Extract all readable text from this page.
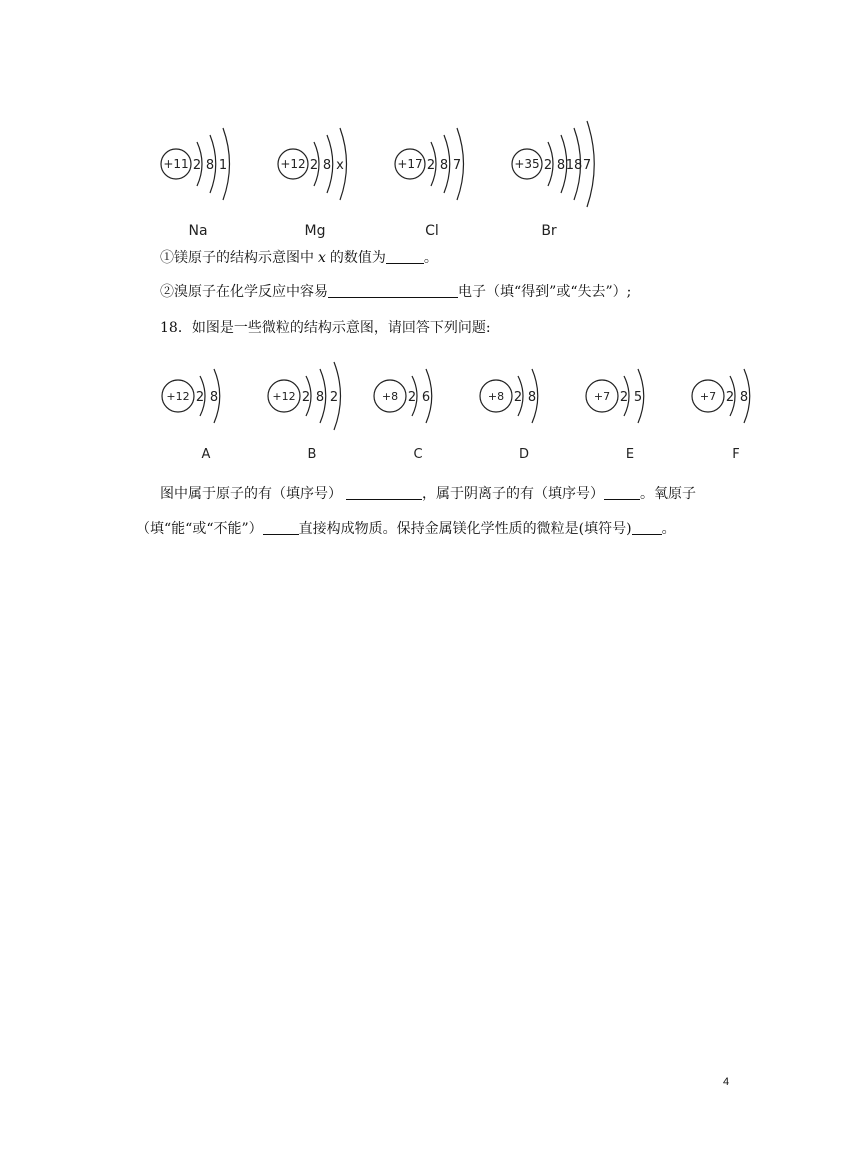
+11 2 8 1
Na
+12 2 8 x
Mg
+17 2 8 7
Cl
+35 2 8 18 7
Br
①镁原子的结构示意图中 x 的数值为	。
②溴原子在化学反应中容易	电子（填“得到”或“失去”）;
18．如图是一些微粒的结构示意图，请回答下列问题:
+12 2 8
A
+12 2 8 2
B
+8 2 6
C
+8 2 8
D
+7 2 5
E
+7 2 8
F
图中属于原子的有（填序号）	，属于阴离子的有（填序号）	。氧原子
（填“能“或“不能”）	直接构成物质。保持金属镁化学性质的微粒是(填符号) 。
4
